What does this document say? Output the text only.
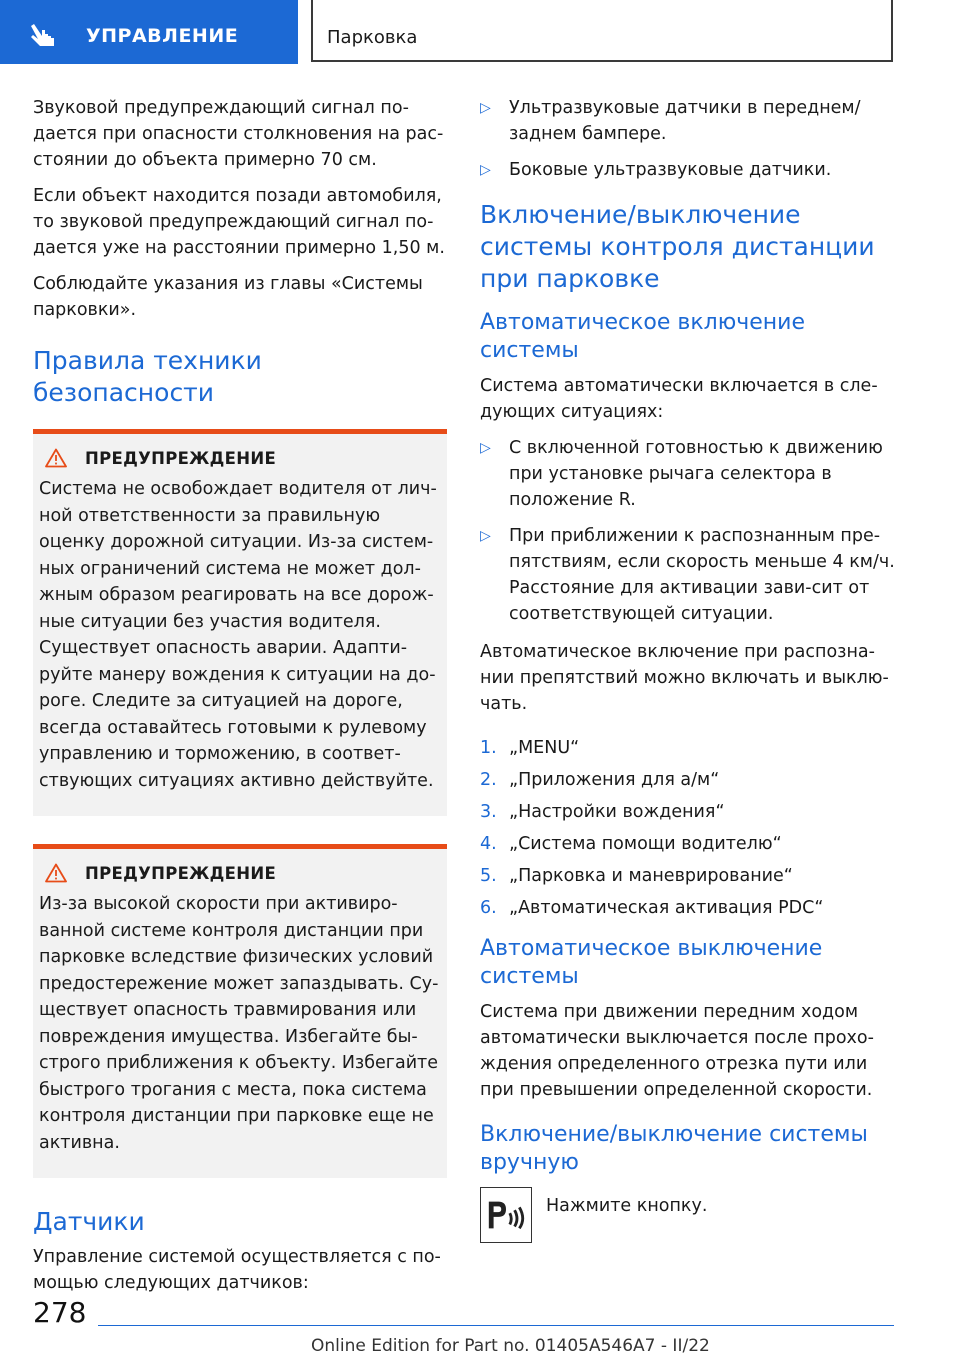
УПРАВЛЕНИЕ	Парковка

Звуковой предупреждающий сигнал по-дается при опасности столкновения на рас-стоянии до объекта примерно 70 см.

Если объект находится позади автомобиля, то звуковой предупреждающий сигнал по-дается уже на расстоянии примерно 1,50 м.

Соблюдайте указания из главы «Системы парковки».

Правила техники безопасности
ПРЕДУПРЕЖДЕНИЕ

Система не освобождает водителя от лич-ной ответственности за правильную оценку дорожной ситуации. Из-за систем-ных ограничений система не может дол-жным образом реагировать на все дорож-ные ситуации без участия водителя. Существует опасность аварии. Адапти-руйте манеру вождения к ситуации на до-роге. Следите за ситуацией на дороге, всегда оставайтесь готовыми к рулевому управлению и торможению, в соответ-ствующих ситуациях активно действуйте.

ПРЕДУПРЕЖДЕНИЕ

Из-за высокой скорости при активиро-ванной системе контроля дистанции при парковке вследствие физических условий предостережение может запаздывать. Су-ществует опасность травмирования или повреждения имущества. Избегайте бы-строго приближения к объекту. Избегайте быстрого трогания с места, пока система контроля дистанции при парковке еще не активна.

Датчики

Управление системой осуществляется с по-мощью следующих датчиков:

▷	Ультразвуковые датчики в переднем/ заднем бампере.
▷	Боковые ультразвуковые датчики.
Включение/выключение системы контроля дистанции при парковке
Автоматическое включение системы

Система автоматически включается в сле-дующих ситуациях:

▷	С включенной готовностью к движению при установке рычага селектора в положение R.
▷	При приближении к распознанным пре-пятствиям, если скорость меньше 4 км/ч. Расстояние для активации зави-сит от соответствующей ситуации.

Автоматическое включение при распозна-нии препятствий можно включать и выклю-чать.

1. „MENU“
2. „Приложения для а/м“
3. „Настройки вождения“
4. „Система помощи водителю“
5. „Парковка и маневрирование“
6. „Автоматическая активация PDC“
Автоматическое выключение системы

Система при движении передним ходом автоматически выключается после прохо-ждения определенного отрезка пути или при превышении определенной скорости.

Включение/выключение системы вручную

Нажмите кнопку.

278
Online Edition for Part no. 01405A546A7 - II/22
